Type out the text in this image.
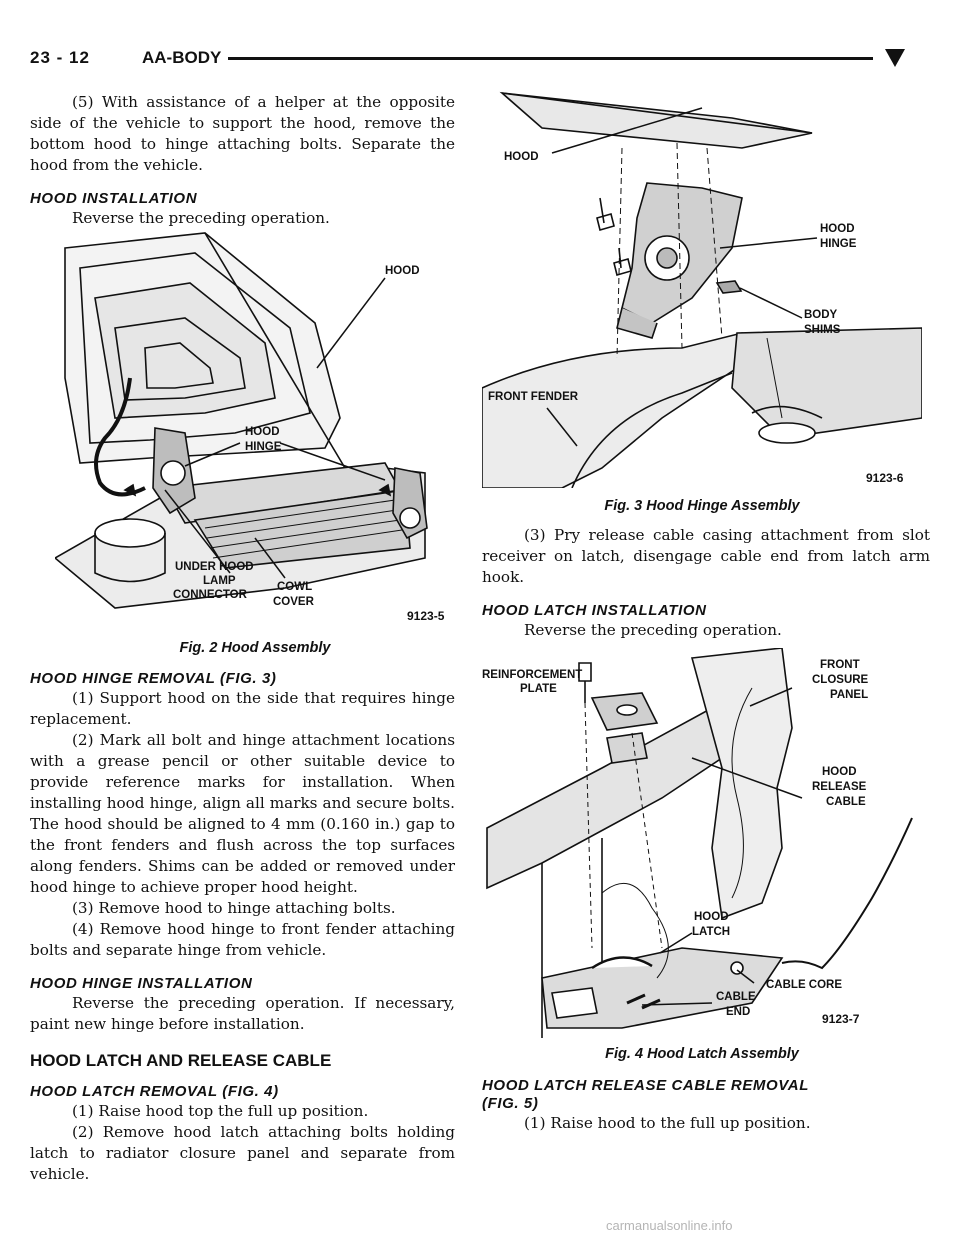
23 - 12	AA-BODY

(5) With assistance of a helper at the opposite side of the vehicle to support the hood, remove the bottom hood to hinge attaching bolts. Separate the hood from the vehicle.

HOOD INSTALLATION

Reverse the preceding operation.

HOOD
HOOD
HINGE
UNDER HOOD
LAMP
CONNECTOR
COWL
COVER
9123-5
Fig. 2 Hood Assembly

HOOD HINGE REMOVAL (FIG. 3)

(1) Support hood on the side that requires hinge replacement.

(2) Mark all bolt and hinge attachment locations with a grease pencil or other suitable device to provide reference marks for installation. When installing hood hinge, align all marks and secure bolts. The hood should be aligned to 4 mm (0.160 in.) gap to the front fenders and flush across the top surfaces along fenders. Shims can be added or removed under hood hinge to achieve proper hood height.

(3) Remove hood to hinge attaching bolts.

(4) Remove hood hinge to front fender attaching bolts and separate hinge from vehicle.

HOOD HINGE INSTALLATION

Reverse the preceding operation. If necessary, paint new hinge before installation.

HOOD LATCH AND RELEASE CABLE

HOOD LATCH REMOVAL (FIG. 4)

(1) Raise hood top the full up position.

(2) Remove hood latch attaching bolts holding latch to radiator closure panel and separate from vehicle.

HOOD
HOOD
HINGE
BODY
SHIMS
FRONT FENDER
9123-6
Fig. 3 Hood Hinge Assembly

(3) Pry release cable casing attachment from slot receiver on latch, disengage cable end from latch arm hook.

HOOD LATCH INSTALLATION

Reverse the preceding operation.

REINFORCEMENT
PLATE
FRONT
CLOSURE
PANEL
HOOD
RELEASE
CABLE
HOOD
LATCH
CABLE CORE
CABLE
END	9123-7
Fig. 4 Hood Latch Assembly

HOOD LATCH RELEASE CABLE REMOVAL

(FIG. 5)

(1) Raise hood to the full up position.

carmanualsonline.info
